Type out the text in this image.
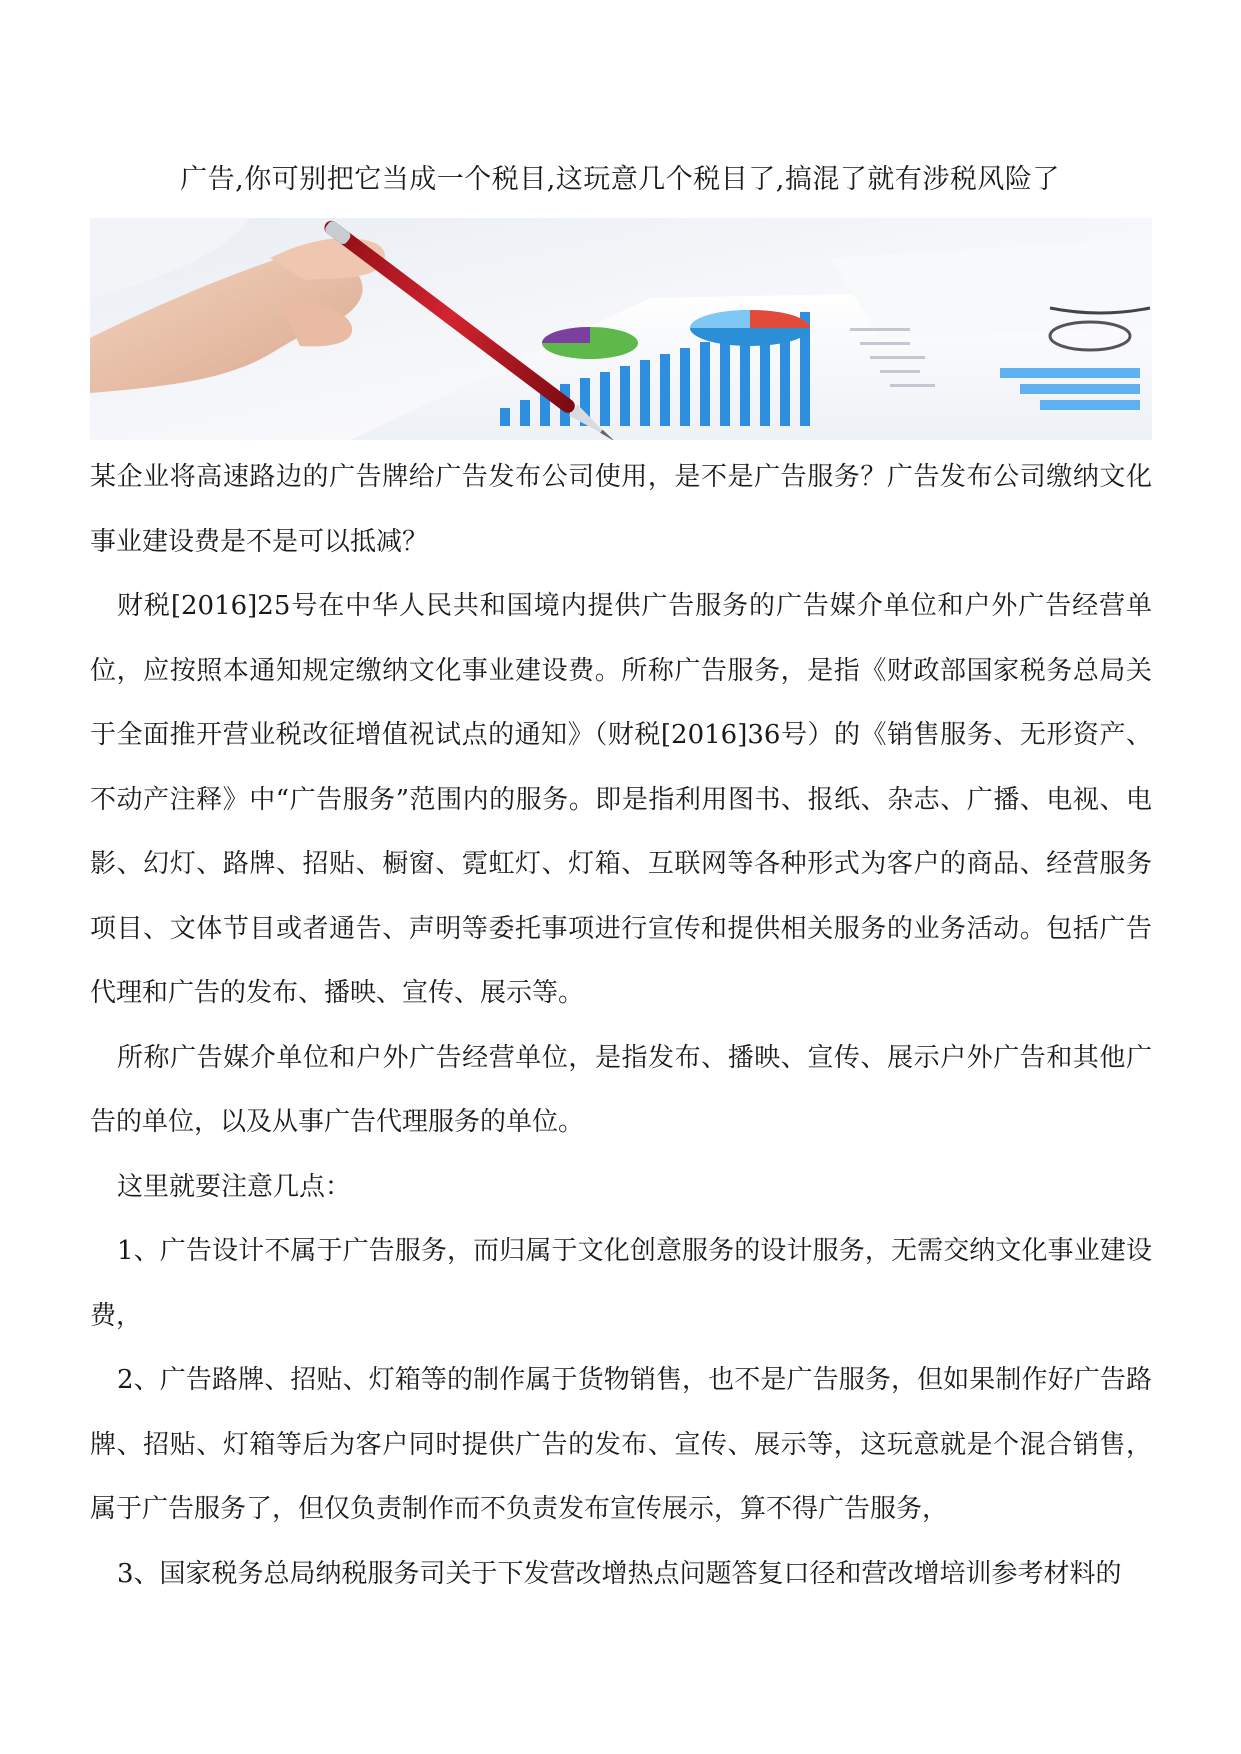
广告,你可别把它当成一个税目,这玩意几个税目了,搞混了就有涉税风险了

某企业将高速路边的广告牌给广告发布公司使用，是不是广告服务？广告发布公司缴纳文化事业建设费是不是可以抵减？

财税[2016]25号在中华人民共和国境内提供广告服务的广告媒介单位和户外广告经营单位，应按照本通知规定缴纳文化事业建设费。所称广告服务，是指《财政部国家税务总局关于全面推开营业税改征增值祝试点的通知》（财税[2016]36号）的《销售服务、无形资产、不动产注释》中“广告服务”范围内的服务。即是指利用图书、报纸、杂志、广播、电视、电影、幻灯、路牌、招贴、橱窗、霓虹灯、灯箱、互联网等各种形式为客户的商品、经营服务项目、文体节目或者通告、声明等委托事项进行宣传和提供相关服务的业务活动。包括广告代理和广告的发布、播映、宣传、展示等。

所称广告媒介单位和户外广告经营单位，是指发布、播映、宣传、展示户外广告和其他广告的单位，以及从事广告代理服务的单位。

这里就要注意几点：

1、广告设计不属于广告服务，而归属于文化创意服务的设计服务，无需交纳文化事业建设费，

2、广告路牌、招贴、灯箱等的制作属于货物销售，也不是广告服务，但如果制作好广告路牌、招贴、灯箱等后为客户同时提供广告的发布、宣传、展示等，这玩意就是个混合销售，属于广告服务了，但仅负责制作而不负责发布宣传展示，算不得广告服务，

3、国家税务总局纳税服务司关于下发营改增热点问题答复口径和营改增培训参考材料的
